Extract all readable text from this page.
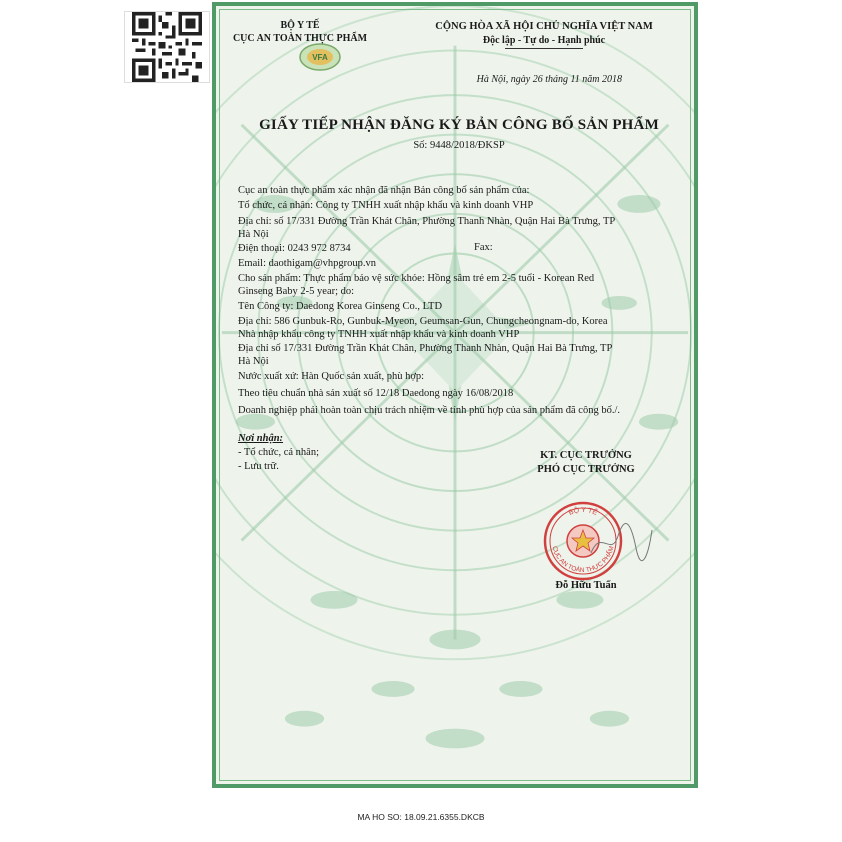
BỘ Y TẾ
CỤC AN TOÀN THỰC PHẨM
VFA
CỘNG HÒA XÃ HỘI CHỦ NGHĨA VIỆT NAM
Độc lập - Tự do - Hạnh phúc
Hà Nội, ngày 26 tháng 11 năm 2018
GIẤY TIẾP NHẬN ĐĂNG KÝ BẢN CÔNG BỐ SẢN PHẨM
Số: 9448/2018/ĐKSP
Cục an toàn thực phẩm xác nhận đã nhận Bản công bố sản phẩm của:
Tổ chức, cá nhân: Công ty TNHH xuất nhập khẩu và kinh doanh VHP
Địa chỉ: số 17/331 Đường Trần Khát Chân, Phường Thanh Nhàn, Quận Hai Bà Trưng, TP
Hà Nội
Điện thoại: 0243 972 8734	Fax:
Email: daothigam@vhpgroup.vn
Cho sản phẩm: Thực phẩm bảo vệ sức khỏe: Hồng sâm trẻ em 2-5 tuổi - Korean Red
Ginseng Baby 2-5 year; do:
Tên Công ty: Daedong Korea Ginseng Co., LTD
Địa chỉ: 586 Gunbuk-Ro, Gunbuk-Myeon, Geumsan-Gun, Chungcheongnam-do, Korea
Nhà nhập khẩu công ty TNHH xuất nhập khẩu và kinh doanh VHP
Địa chỉ số 17/331 Đường Trần Khát Chân, Phường Thanh Nhàn, Quận Hai Bà Trưng, TP
Hà Nội
Nước xuất xứ: Hàn Quốc sản xuất, phù hợp:
Theo tiêu chuẩn nhà sản xuất số 12/18 Daedong ngày 16/08/2018
Doanh nghiệp phải hoàn toàn chịu trách nhiệm về tính phù hợp của sản phẩm đã công bố./.
Nơi nhận:
- Tổ chức, cá nhân;
- Lưu trữ.
KT. CỤC TRƯỞNG
PHÓ CỤC TRƯỞNG
BỘ Y TẾ
CỤC AN TOÀN THỰC PHẨM
Đỗ Hữu Tuấn
MA HO SO: 18.09.21.6355.DKCB
